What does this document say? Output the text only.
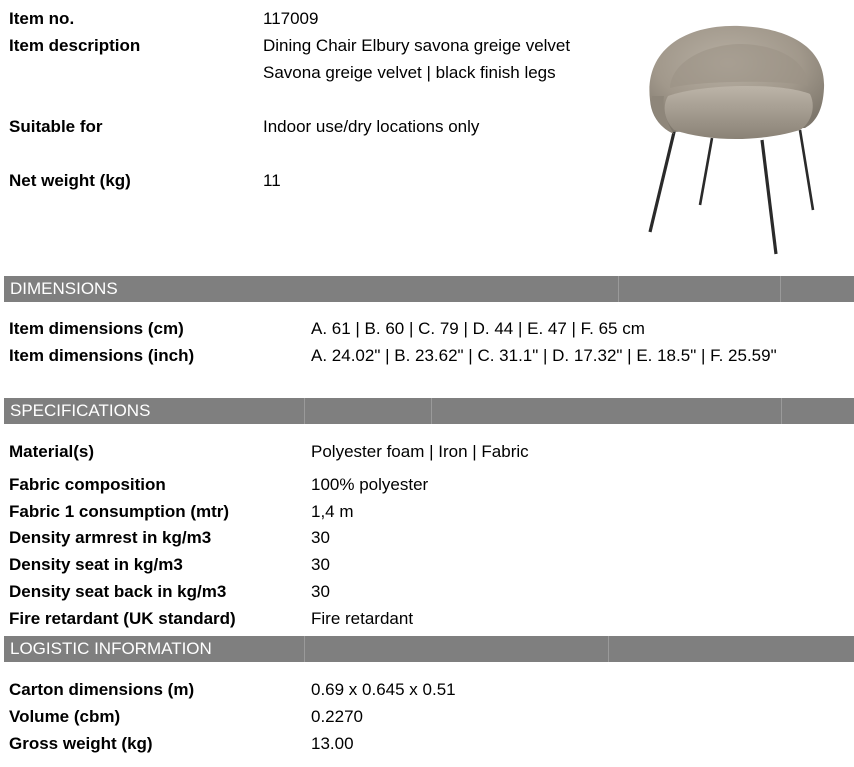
Item no.	117009
Item description	Dining Chair Elbury savona greige velvet
Savona greige velvet | black finish legs
Suitable for	Indoor use/dry locations only
Net weight (kg)	11
DIMENSIONS
Item dimensions (cm)	A. 61 | B. 60 | C. 79 | D. 44 | E. 47 | F. 65 cm
Item dimensions (inch)	A. 24.02" | B. 23.62" | C. 31.1" | D. 17.32" | E. 18.5" | F. 25.59"
SPECIFICATIONS
Material(s)	Polyester foam | Iron | Fabric
Fabric composition	100% polyester
Fabric 1 consumption (mtr)	1,4 m
Density armrest in kg/m3	30
Density seat in kg/m3	30
Density seat back in kg/m3	30
Fire retardant (UK standard)	Fire retardant
LOGISTIC INFORMATION
Carton dimensions (m)	0.69 x 0.645 x 0.51
Volume (cbm)	0.2270
Gross weight (kg)	13.00
